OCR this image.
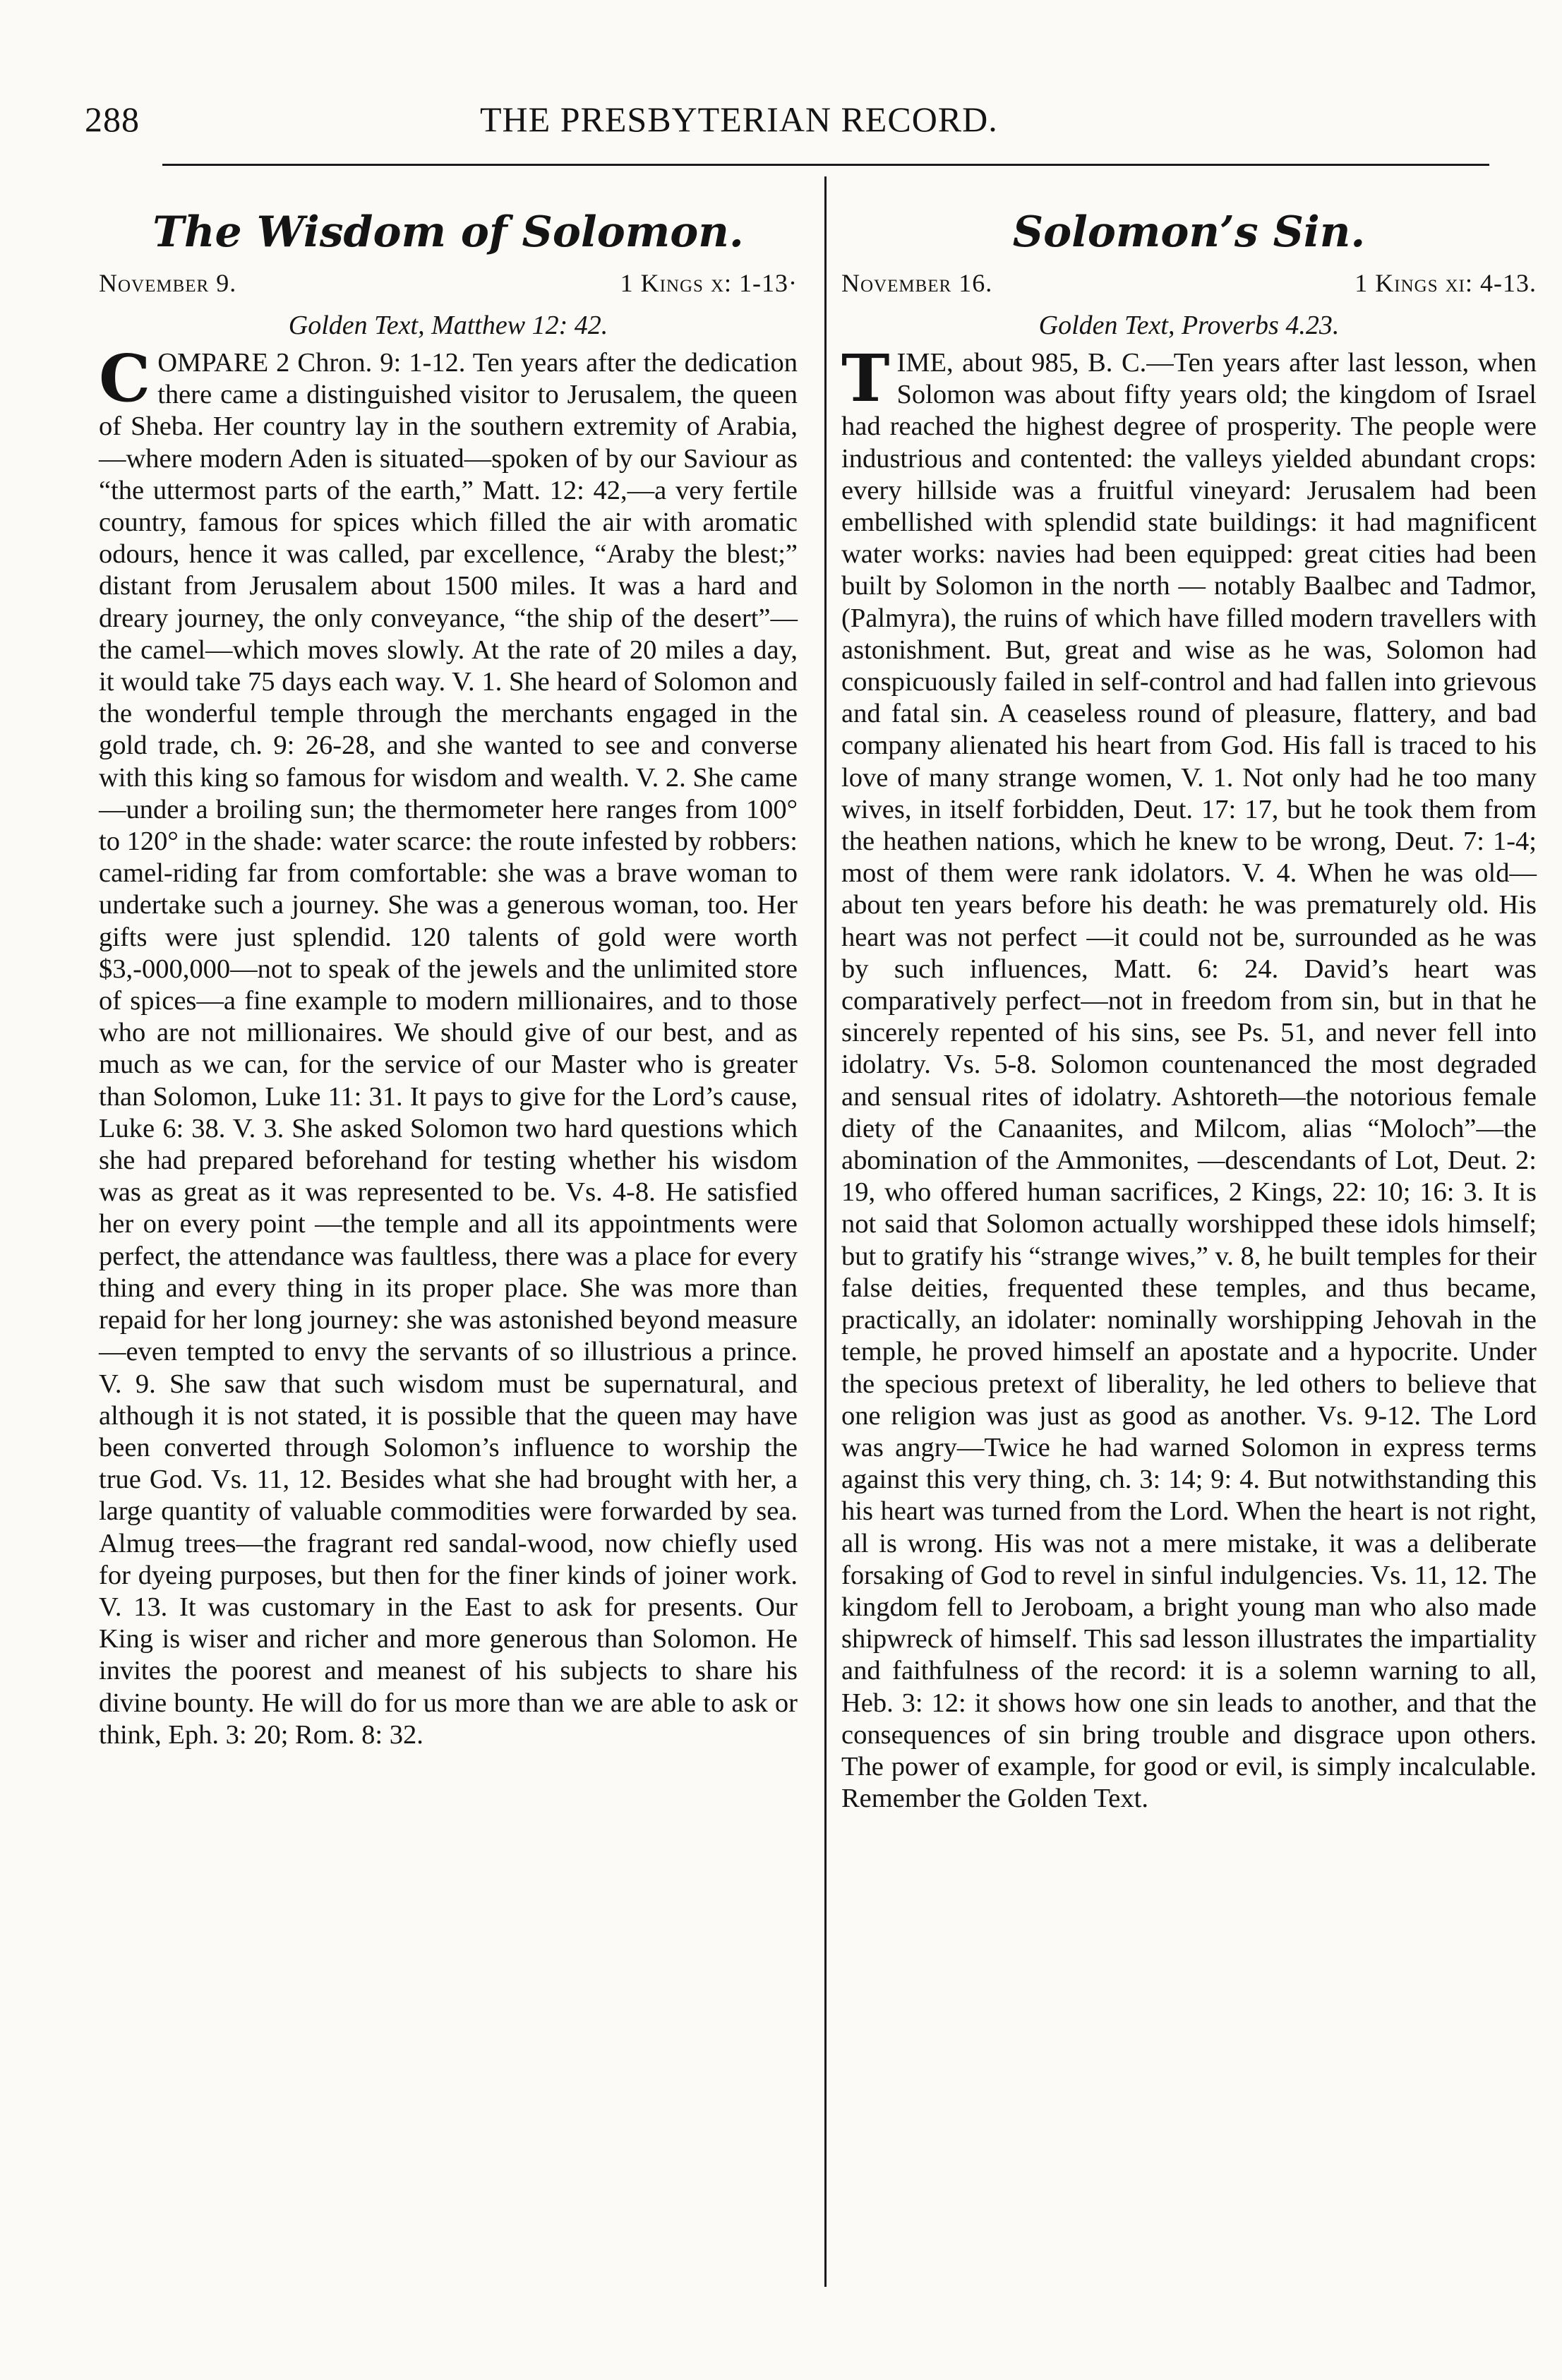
288	THE PRESBYTERIAN RECORD.
The Wisdom of Solomon.
November 9.	1 Kings x: 1-13·
Golden Text, Matthew 12: 42.

COMPARE 2 Chron. 9: 1-12. Ten years after the dedication there came a distinguished visitor to Jerusalem, the queen of Sheba. Her country lay in the southern extremity of Arabia, —where modern Aden is situated—spoken of by our Saviour as “the uttermost parts of the earth,” Matt. 12: 42,—a very fertile country, famous for spices which filled the air with aromatic odours, hence it was called, par excellence, “Araby the blest;” distant from Jerusalem about 1500 miles. It was a hard and dreary journey, the only conveyance, “the ship of the desert”—the camel—which moves slowly. At the rate of 20 miles a day, it would take 75 days each way. V. 1. She heard of Solomon and the wonderful temple through the merchants engaged in the gold trade, ch. 9: 26-28, and she wanted to see and converse with this king so famous for wisdom and wealth. V. 2. She came —under a broiling sun; the thermometer here ranges from 100° to 120° in the shade: water scarce: the route infested by robbers: camel-riding far from comfortable: she was a brave woman to undertake such a journey. She was a generous woman, too. Her gifts were just splendid. 120 talents of gold were worth $3,-000,000—not to speak of the jewels and the unlimited store of spices—a fine example to modern millionaires, and to those who are not millionaires. We should give of our best, and as much as we can, for the service of our Master who is greater than Solomon, Luke 11: 31. It pays to give for the Lord’s cause, Luke 6: 38. V. 3. She asked Solomon two hard questions which she had prepared beforehand for testing whether his wisdom was as great as it was represented to be. Vs. 4-8. He satisfied her on every point —the temple and all its appointments were perfect, the attendance was faultless, there was a place for every thing and every thing in its proper place. She was more than repaid for her long journey: she was astonished beyond measure—even tempted to envy the servants of so illustrious a prince. V. 9. She saw that such wisdom must be supernatural, and although it is not stated, it is possible that the queen may have been converted through Solomon’s influence to worship the true God. Vs. 11, 12. Besides what she had brought with her, a large quantity of valuable commodities were forwarded by sea. Almug trees—the fragrant red sandal-wood, now chiefly used for dyeing purposes, but then for the finer kinds of joiner work. V. 13. It was customary in the East to ask for presents. Our King is wiser and richer and more generous than Solomon. He invites the poorest and meanest of his subjects to share his divine bounty. He will do for us more than we are able to ask or think, Eph. 3: 20; Rom. 8: 32.

Solomon’s Sin.
November 16.	1 Kings xi: 4-13.
Golden Text, Proverbs 4.23.

TIME, about 985, B. C.—Ten years after last lesson, when Solomon was about fifty years old; the kingdom of Israel had reached the highest degree of prosperity. The people were industrious and contented: the valleys yielded abundant crops: every hillside was a fruitful vineyard: Jerusalem had been embellished with splendid state buildings: it had magnificent water works: navies had been equipped: great cities had been built by Solomon in the north — notably Baalbec and Tadmor, (Palmyra), the ruins of which have filled modern travellers with astonishment. But, great and wise as he was, Solomon had conspicuously failed in self-control and had fallen into grievous and fatal sin. A ceaseless round of pleasure, flattery, and bad company alienated his heart from God. His fall is traced to his love of many strange women, V. 1. Not only had he too many wives, in itself forbidden, Deut. 17: 17, but he took them from the heathen nations, which he knew to be wrong, Deut. 7: 1-4; most of them were rank idolators. V. 4. When he was old—about ten years before his death: he was prematurely old. His heart was not perfect —it could not be, surrounded as he was by such influences, Matt. 6: 24. David’s heart was comparatively perfect—not in freedom from sin, but in that he sincerely repented of his sins, see Ps. 51, and never fell into idolatry. Vs. 5-8. Solomon countenanced the most degraded and sensual rites of idolatry. Ashtoreth—the notorious female diety of the Canaanites, and Milcom, alias “Moloch”—the abomination of the Ammonites, —descendants of Lot, Deut. 2: 19, who offered human sacrifices, 2 Kings, 22: 10; 16: 3. It is not said that Solomon actually worshipped these idols himself; but to gratify his “strange wives,” v. 8, he built temples for their false deities, frequented these temples, and thus became, practically, an idolater: nominally worshipping Jehovah in the temple, he proved himself an apostate and a hypocrite. Under the specious pretext of liberality, he led others to believe that one religion was just as good as another. Vs. 9-12. The Lord was angry—Twice he had warned Solomon in express terms against this very thing, ch. 3: 14; 9: 4. But notwithstanding this his heart was turned from the Lord. When the heart is not right, all is wrong. His was not a mere mistake, it was a deliberate forsaking of God to revel in sinful indulgencies. Vs. 11, 12. The kingdom fell to Jeroboam, a bright young man who also made shipwreck of himself. This sad lesson illustrates the impartiality and faithfulness of the record: it is a solemn warning to all, Heb. 3: 12: it shows how one sin leads to another, and that the consequences of sin bring trouble and disgrace upon others. The power of example, for good or evil, is simply incalculable. Remember the Golden Text.
